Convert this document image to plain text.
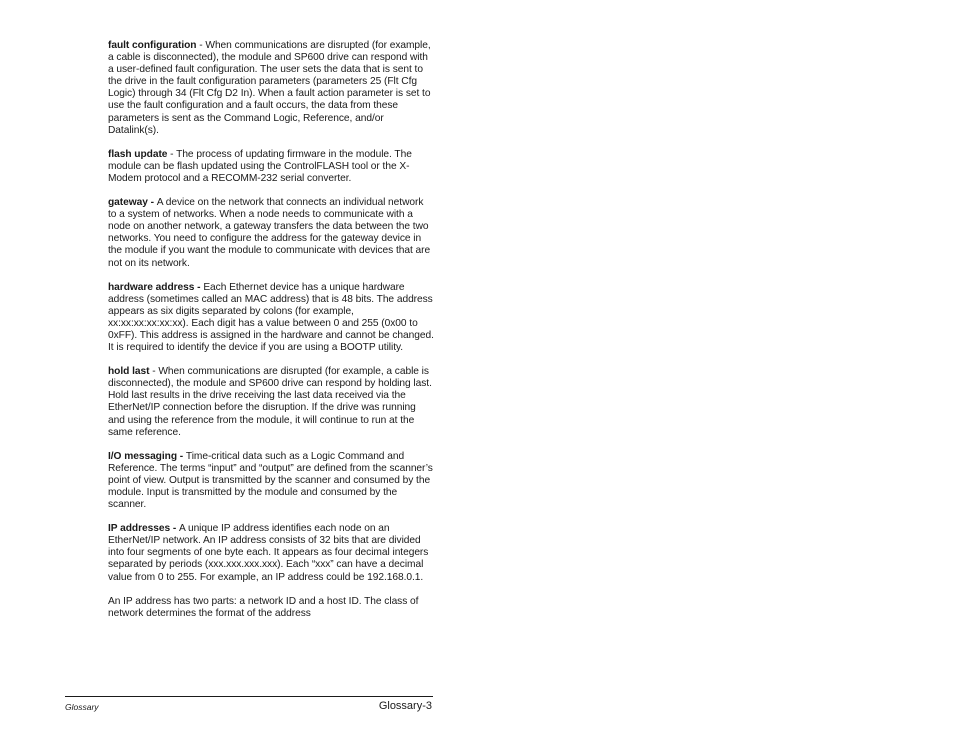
fault configuration - When communications are disrupted (for example, a cable is disconnected), the module and SP600 drive can respond with a user-defined fault configuration. The user sets the data that is sent to the drive in the fault configuration parameters (parameters 25 (Flt Cfg Logic) through 34 (Flt Cfg D2 In). When a fault action parameter is set to use the fault configuration and a fault occurs, the data from these parameters is sent as the Command Logic, Reference, and/or Datalink(s).

flash update - The process of updating firmware in the module. The module can be flash updated using the ControlFLASH tool or the X-Modem protocol and a RECOMM-232 serial converter.

gateway - A device on the network that connects an individual network to a system of networks. When a node needs to communicate with a node on another network, a gateway transfers the data between the two networks. You need to configure the address for the gateway device in the module if you want the module to communicate with devices that are not on its network.

hardware address - Each Ethernet device has a unique hardware address (sometimes called an MAC address) that is 48 bits. The address appears as six digits separated by colons (for example, xx:xx:xx:xx:xx:xx). Each digit has a value between 0 and 255 (0x00 to 0xFF). This address is assigned in the hardware and cannot be changed. It is required to identify the device if you are using a BOOTP utility.

hold last - When communications are disrupted (for example, a cable is disconnected), the module and SP600 drive can respond by holding last. Hold last results in the drive receiving the last data received via the EtherNet/IP connection before the disruption. If the drive was running and using the reference from the module, it will continue to run at the same reference.

I/O messaging - Time-critical data such as a Logic Command and Reference. The terms “input” and “output” are defined from the scanner’s point of view. Output is transmitted by the scanner and consumed by the module. Input is transmitted by the module and consumed by the scanner.

IP addresses - A unique IP address identifies each node on an EtherNet/IP network. An IP address consists of 32 bits that are divided into four segments of one byte each. It appears as four decimal integers separated by periods (xxx.xxx.xxx.xxx). Each “xxx” can have a decimal value from 0 to 255. For example, an IP address could be 192.168.0.1.

An IP address has two parts: a network ID and a host ID. The class of network determines the format of the address

Glossary	Glossary-3
